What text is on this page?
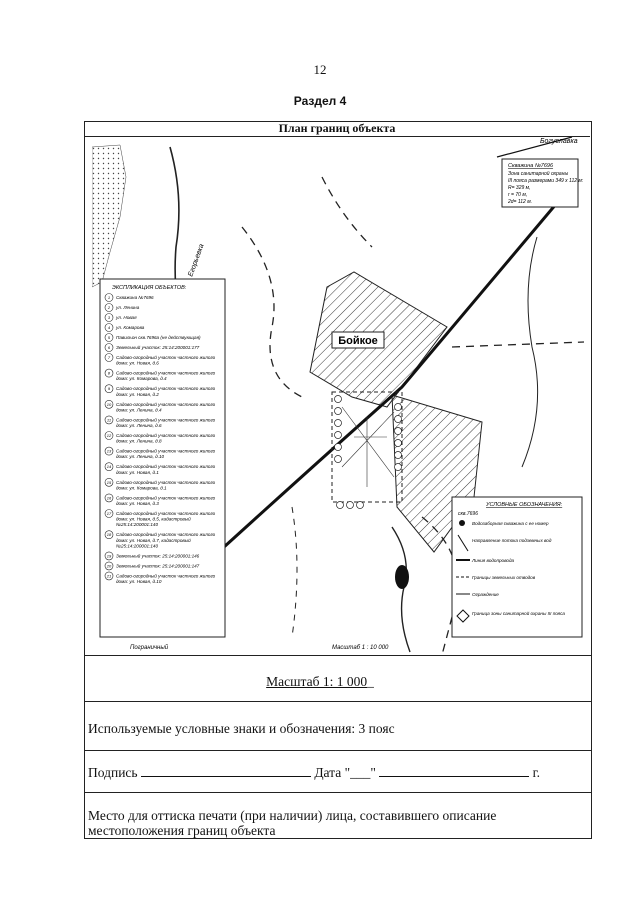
12
Раздел 4
План границ объекта
Бойкое
Богуславка
Егорьевка
Пограничный	Масштаб 1 : 10 000
Скважина №7696
Зона санитарной охраны
III пояса размерами 349 x 112 м:
R= 329 м,
r = 70 м,
2d= 112 м.
ЭКСПЛИКАЦИЯ ОБЪЕКТОВ:
1 Скважина №7696
2 ул. Ленина
3 ул. Новая
4 ул. Комарова
5 Павильон скв.7696а (не действующая)
6 Земельный участок: 25:14:200001:177
7 Садово-огородный участок частного жилого дома: ул. Новая, д.6
8 Садово-огородный участок частного жилого дома: ул. Комарова, д.4
9 Садово-огородный участок частного жилого дома: ул. Новая, д.2
10 Садово-огородный участок частного жилого дома: ул. Ленина, д.4
11 Садово-огородный участок частного жилого дома: ул. Ленина, д.6
12 Садово-огородный участок частного жилого дома: ул. Ленина, д.8
13 Садово-огородный участок частного жилого дома: ул. Ленина, д.10
14 Садово-огородный участок частного жилого дома: ул. Новая, д.1
15 Садово-огородный участок частного жилого дома: ул. Комарова, д.1
16 Садово-огородный участок частного жилого дома: ул. Новая, д.3
17 Садово-огородный участок частного жилого дома: ул. Новая, д.5, кадастровый №25:14:200001:140
18 Садово-огородный участок частного жилого дома: ул. Новая, д.7, кадастровый №25:14:200001:140
19 Земельный участок: 25:14:200001:146
20 Земельный участок: 25:14:200001:147
21 Садово-огородный участок частного жилого дома: ул. Новая, д.10
УСЛОВНЫЕ ОБОЗНАЧЕНИЯ:
скв.7696
Водозаборная скважина с ее номер
Направление потока подземных вод
Линия водопровода
Границы земельных отводов
Ограждение
Граница зоны санитарной охраны III пояса
Масштаб 1: 1 000_
Используемые условные знаки и обозначения: 3 пояс
Подпись	Дата "___"	г.
Место для оттиска печати (при наличии) лица, составившего описание местоположения границ объекта
